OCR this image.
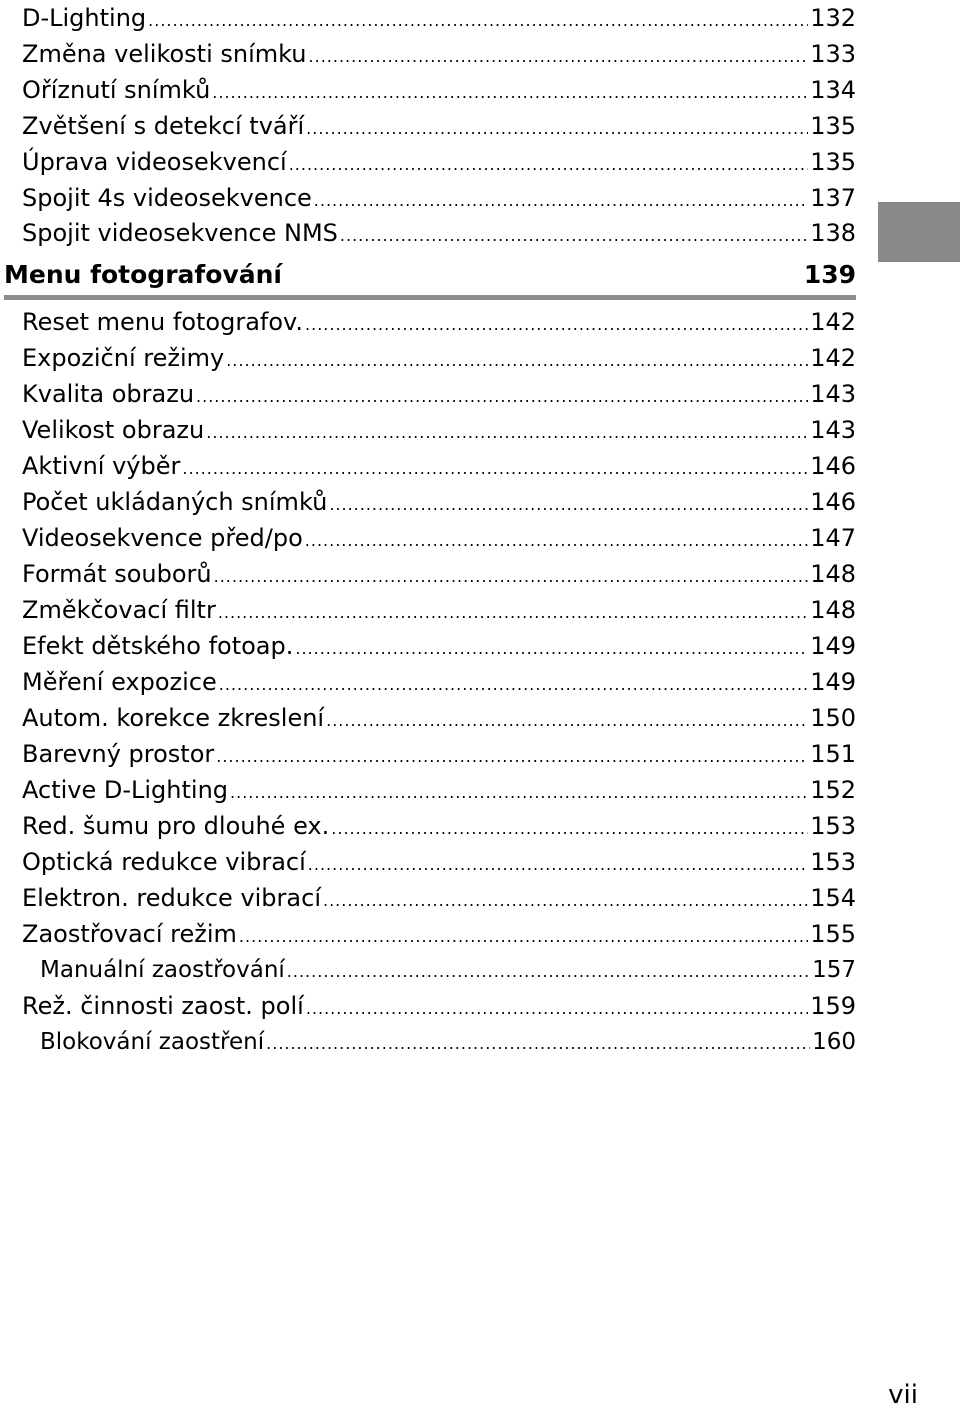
D-Lighting .....	132
Změna velikosti snímku .....	133
Oříznutí snímků .....	134
Zvětšení s detekcí tváří .....	135
Úprava videosekvencí .....	135
Spojit 4s videosekvence .....	137
Spojit videosekvence NMS .....	138
Menu fotografování	139
Reset menu fotografov. .....	142
Expoziční režimy .....	142
Kvalita obrazu .....	143
Velikost obrazu .....	143
Aktivní výběr .....	146
Počet ukládaných snímků .....	146
Videosekvence před/po .....	147
Formát souborů .....	148
Změkčovací filtr .....	148
Efekt dětského fotoap. .....	149
Měření expozice .....	149
Autom. korekce zkreslení .....	150
Barevný prostor .....	151
Active D-Lighting .....	152
Red. šumu pro dlouhé ex. .....	153
Optická redukce vibrací .....	153
Elektron. redukce vibrací .....	154
Zaostřovací režim .....	155
Manuální zaostřování .....	157
Rež. činnosti zaost. polí .....	159
Blokování zaostření .....	160
vii
